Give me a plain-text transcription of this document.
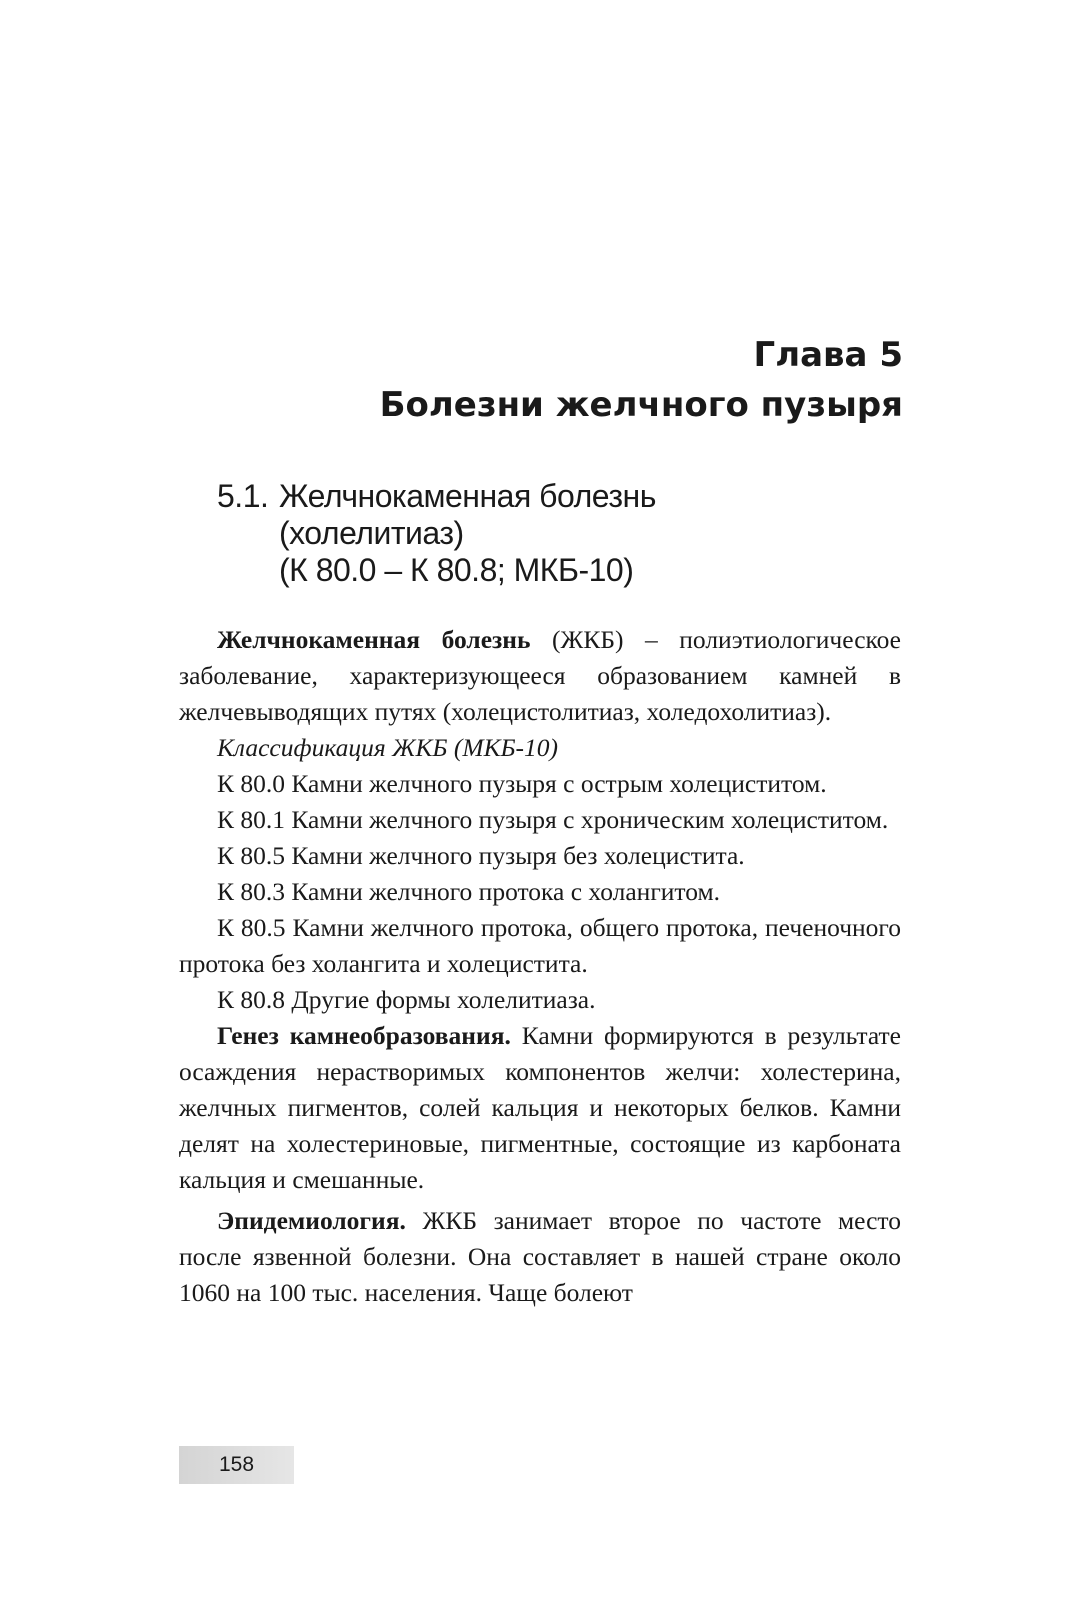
Глава 5
Болезни желчного пузыря
5.1. Желчнокаменная болезнь
(холелитиаз)
(К 80.0 – К 80.8; МКБ-10)

Желчнокаменная болезнь (ЖКБ) – полиэтиологическое заболевание, характеризующееся образованием камней в желчевыводящих путях (холецистолитиаз, холедохолитиаз).

Классификация ЖКБ (МКБ-10)

К 80.0 Камни желчного пузыря с острым холециститом.

К 80.1 Камни желчного пузыря с хроническим холециститом.

К 80.5 Камни желчного пузыря без холецистита.

К 80.3 Камни желчного протока с холангитом.

К 80.5 Камни желчного протока, общего протока, печеночного протока без холангита и холецистита.

К 80.8 Другие формы холелитиаза.

Генез камнеобразования. Камни формируются в результате осаждения нерастворимых компонентов желчи: холестерина, желчных пигментов, солей кальция и некоторых белков. Камни делят на холестериновые, пигментные, состоящие из карбоната кальция и смешанные.

Эпидемиология. ЖКБ занимает второе по частоте место после язвенной болезни. Она составляет в нашей стране около 1060 на 100 тыс. населения. Чаще болеют

158
